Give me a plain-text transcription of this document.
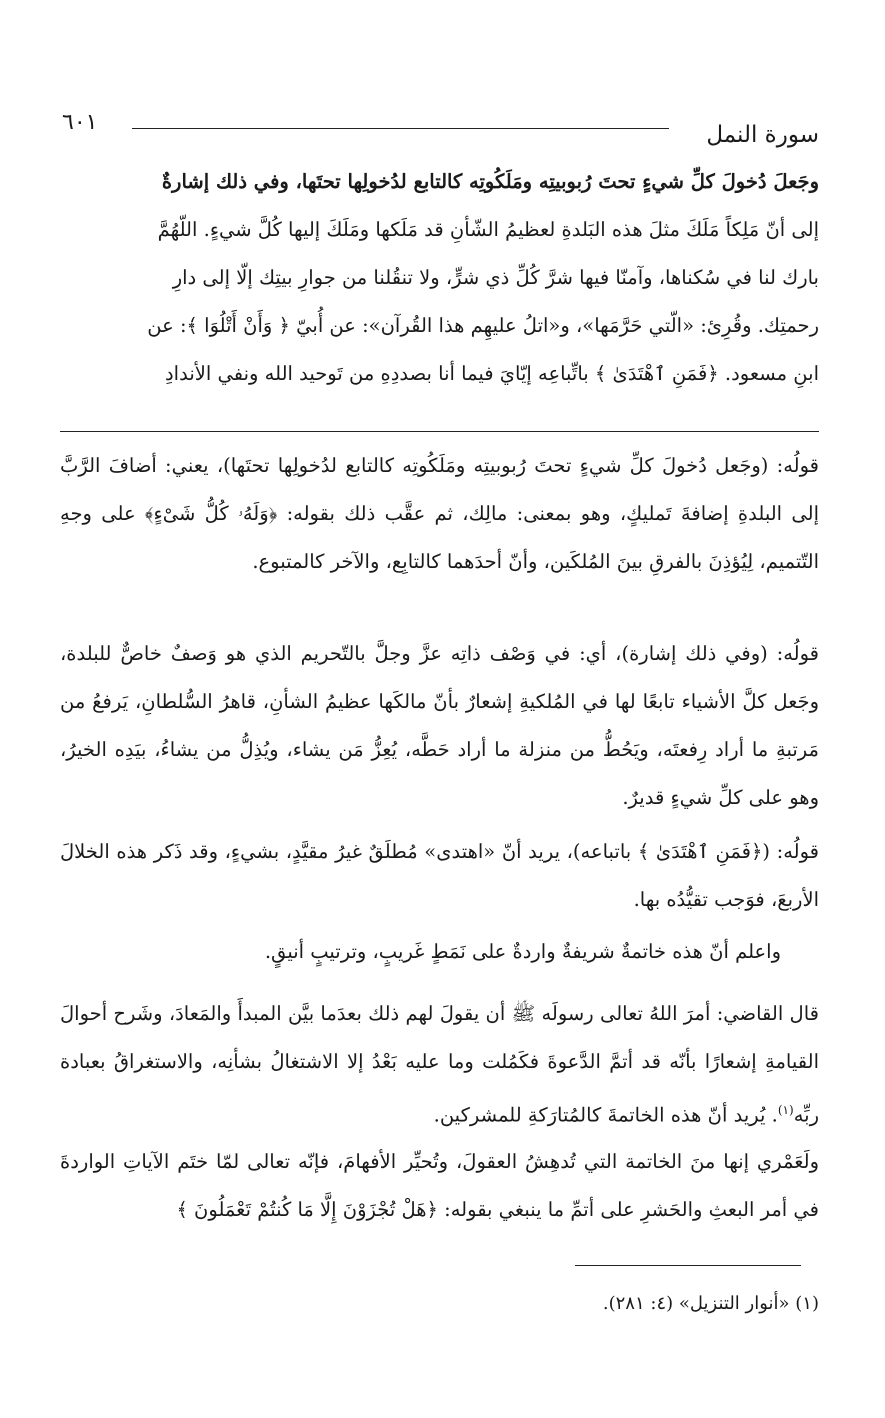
سورة النمل
٦٠١

وجَعلَ دُخولَ كلِّ شيءٍ تحتَ رُبوبيتِه ومَلَكُوتِه كالتابع لدُخولِها تحتَها، وفي ذلك إشارةٌ

إلى أنّ مَلِكاً مَلَكَ مثلَ هذه البَلدةِ لعظيمُ الشّأنِ قد مَلَكها ومَلَكَ إليها كُلَّ شيءٍ. اللّهُمَّ

بارك لنا في سُكناها، وآمنّا فيها شرَّ كُلِّ ذي شرٍّ، ولا تنقُلنا من جوارِ بيتِك إلّا إلى دارِ

رحمتِك. وقُرِئ: «الّتي حَرَّمَها»، و«اتلُ عليهِم هذا القُرآن»: عن أُبيّ ﴿ وَأَنْ أَتْلُوَا ﴾: عن

ابنِ مسعود. ﴿فَمَنِ ٱهْتَدَىٰ ﴾ باتِّباعِه إيّايَ فيما أنا بصددِهِ من تَوحيد الله ونفي الأندادِ

قولُه: (وجَعل دُخولَ كلِّ شيءٍ تحتَ رُبوبيتِه ومَلَكُوتِه كالتابع لدُخولِها تحتَها)، يعني: أضافَ الرَّبَّ إلى البلدةِ إضافةَ تَمليكٍ، وهو بمعنى: مالِك، ثم عقَّب ذلك بقوله: ﴿وَلَهُۥ كُلُّ شَىْءٍ﴾ على وجهِ التّتميم، لِيُؤذِنَ بالفرقِ بينَ المُلكَين، وأنّ أحدَهما كالتابِع، والآخر كالمتبوع.

قولُه: (وفي ذلك إشارة)، أي: في وَصْف ذاتِه عزَّ وجلَّ بالتّحريم الذي هو وَصفٌ خاصٌّ للبلدة، وجَعل كلَّ الأشياء تابعًا لها في المُلكيةِ إشعارٌ بأنّ مالكَها عظيمُ الشأنِ، قاهرُ السُّلطانِ، يَرفعُ من مَرتبةِ ما أراد رِفعتَه، ويَحُطُّ من منزلة ما أراد حَطَّه، يُعِزُّ مَن يشاء، ويُذِلُّ من يشاءُ، بيَدِه الخيرُ، وهو على كلِّ شيءٍ قديرٌ.

قولُه: (﴿فَمَنِ ٱهْتَدَىٰ ﴾ باتباعه)، يريد أنّ «اهتدى» مُطلَقٌ غيرُ مقيَّدٍ، بشيءٍ، وقد ذَكر هذه الخلالَ الأربعَ، فوَجب تقيُّدُه بها.

واعلم أنّ هذه خاتمةٌ شريفةٌ واردةٌ على نَمَطٍ غَريبٍ، وترتيبٍ أنيقٍ.

قال القاضي: أمرَ اللهُ تعالى رسولَه ﷺ أن يقولَ لهم ذلك بعدَما بيَّن المبدأَ والمَعادَ، وشَرح أحوالَ القيامةِ إشعارًا بأنّه قد أتمَّ الدَّعوةَ فكَمُلت وما عليه بَعْدُ إلا الاشتغالُ بشأنِه، والاستغراقُ بعبادة ربِّه$^{(١)}$. يُريد أنّ هذه الخاتمةَ كالمُتارَكةِ للمشركين.

ولَعَمْري إنها منَ الخاتمة التي تُدهِشُ العقولَ، وتُحيِّر الأفهامَ، فإنّه تعالى لمّا ختَم الآياتِ الواردةَ في أمر البعثِ والحَشرِ على أتمِّ ما ينبغي بقوله: ﴿هَلْ تُجْزَوْنَ إِلَّا مَا كُنتُمْ تَعْمَلُونَ ﴾

(١) «أنوار التنزيل» (٤: ٢٨١).
